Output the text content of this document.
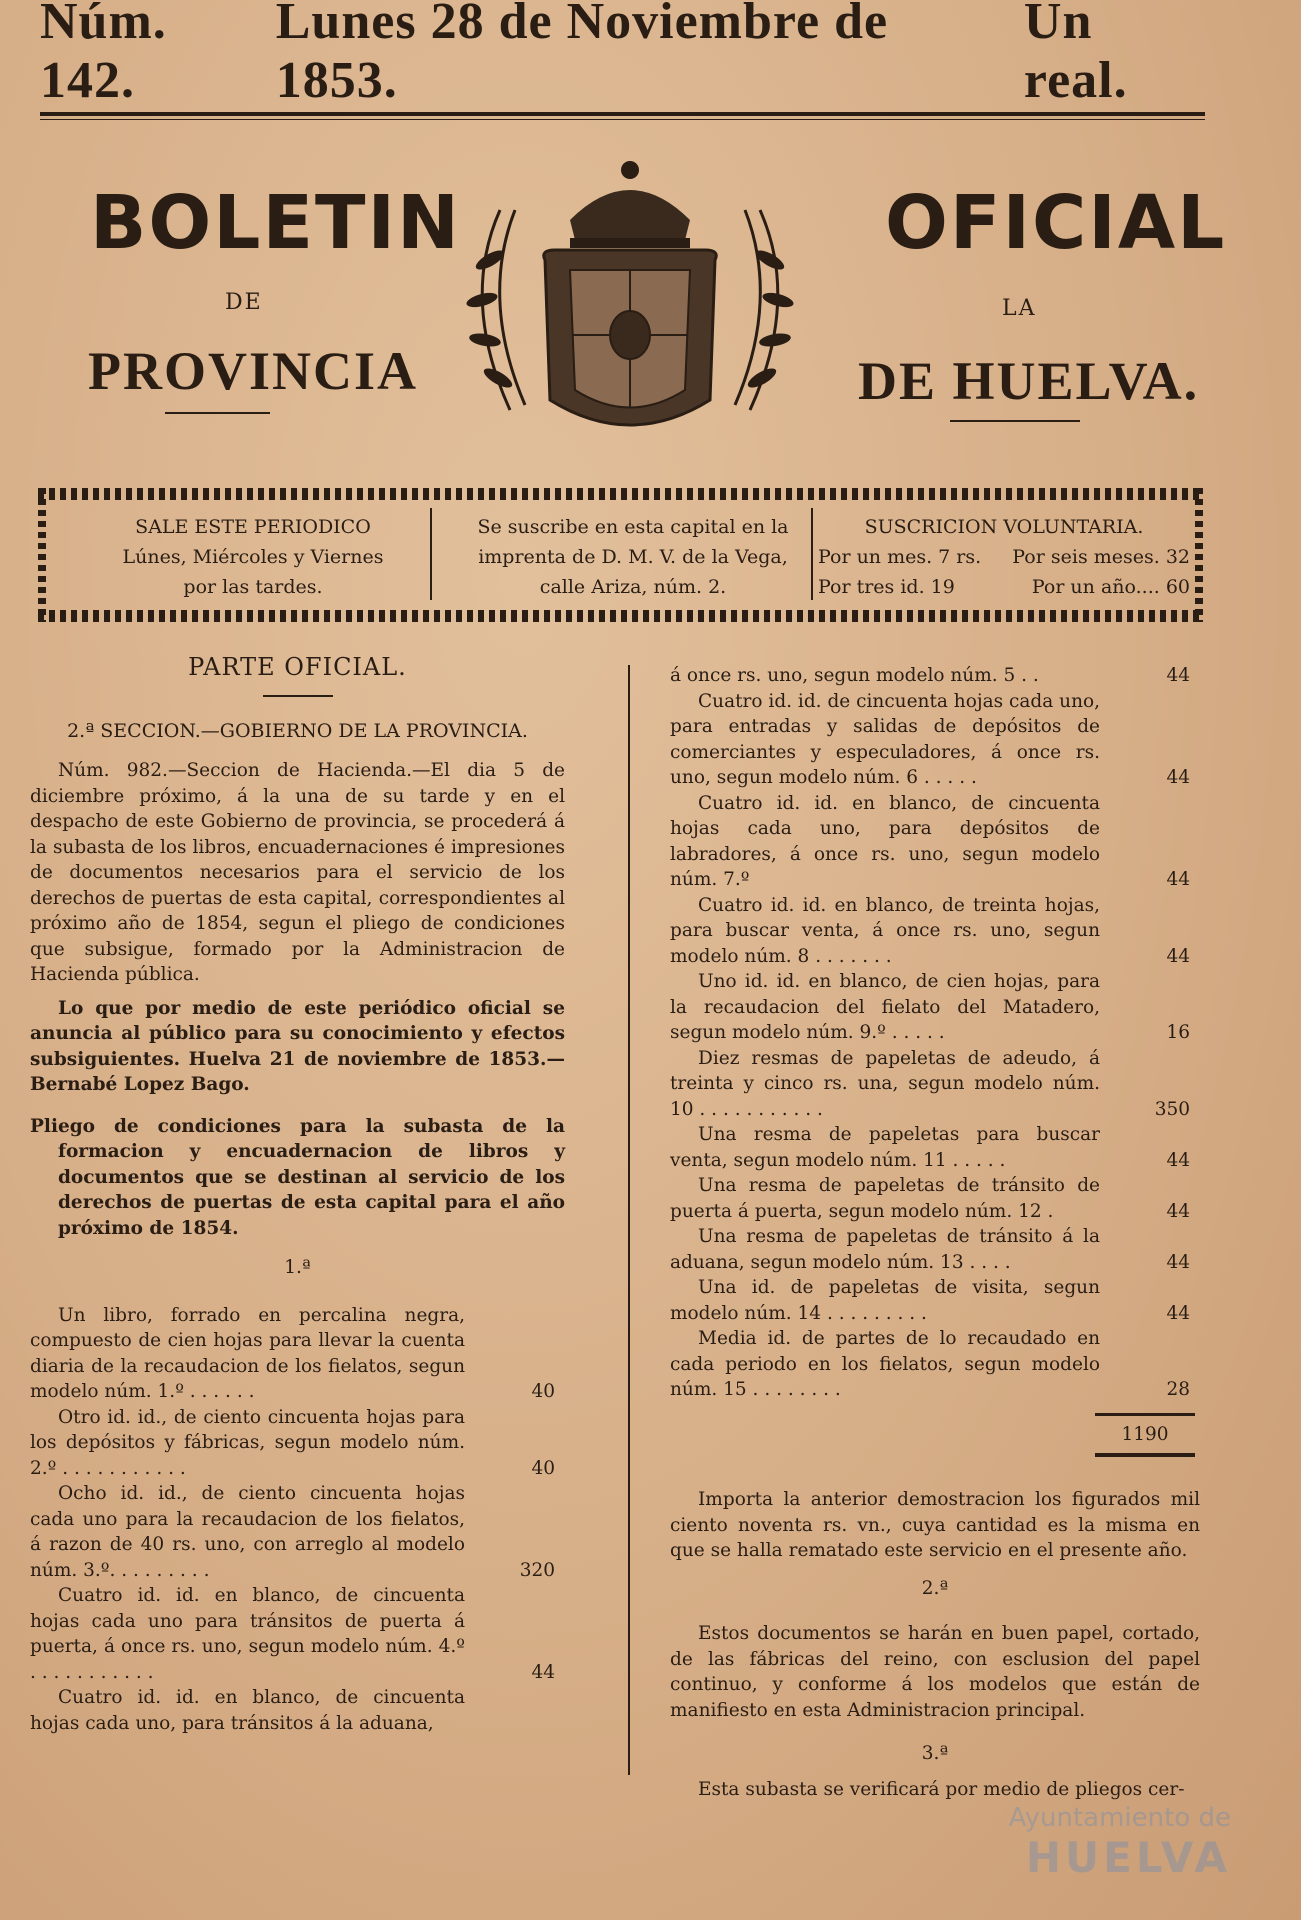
Núm. 142.
Lunes 28 de Noviembre de 1853.
Un real.
BOLETIN	OFICIAL
DE	LA
PROVINCIA	DE HUELVA.
SALE ESTE PERIODICO
Lúnes, Miércoles y Viernes
por las tardes.
Se suscribe en esta capital en la
imprenta de D. M. V. de la Vega,
calle Ariza, núm. 2.
SUSCRICION VOLUNTARIA.
Por un mes. 7 rs. Por seis meses. 32
Por tres id. 19	Por un año.... 60
PARTE OFICIAL.
2.ª SECCION.—GOBIERNO DE LA PROVINCIA.
Núm. 982.—Seccion de Hacienda.—El dia 5 de diciembre próximo, á la una de su tarde y en el despacho de este Gobierno de provincia, se procederá á la subasta de los libros, encuadernaciones é impresiones de documentos necesarios para el servicio de los derechos de puertas de esta capital, correspondientes al próximo año de 1854, segun el pliego de condiciones que subsigue, formado por la Administracion de Hacienda pública.
Lo que por medio de este periódico oficial se anuncia al público para su conocimiento y efectos subsiguientes. Huelva 21 de noviembre de 1853.—Bernabé Lopez Bago.
Pliego de condiciones para la subasta de la formacion y encuadernacion de libros y documentos que se destinan al servicio de los derechos de puertas de esta capital para el año próximo de 1854.
1.ª
Un libro, forrado en percalina negra, compuesto de cien hojas para llevar la cuenta diaria de la recaudacion de los fielatos, segun modelo núm. 1.º . . . . . .	40
Otro id. id., de ciento cincuenta hojas para los depósitos y fábricas, segun modelo núm. 2.º . . . . . . . . . . .	40
Ocho id. id., de ciento cincuenta hojas cada uno para la recaudacion de los fielatos, á razon de 40 rs. uno, con arreglo al modelo núm. 3.º. . . . . . . . .	320
Cuatro id. id. en blanco, de cincuenta hojas cada uno para tránsitos de puerta á puerta, á once rs. uno, segun modelo núm. 4.º . . . . . . . . . . .	44
Cuatro id. id. en blanco, de cincuenta hojas cada uno, para tránsitos á la aduana,
á once rs. uno, segun modelo núm. 5 . .	44
Cuatro id. id. de cincuenta hojas cada uno, para entradas y salidas de depósitos de comerciantes y especuladores, á once rs. uno, segun modelo núm. 6 . . . . .	44
Cuatro id. id. en blanco, de cincuenta hojas cada uno, para depósitos de labradores, á once rs. uno, segun modelo núm. 7.º	44
Cuatro id. id. en blanco, de treinta hojas, para buscar venta, á once rs. uno, segun modelo núm. 8 . . . . . . .	44
Uno id. id. en blanco, de cien hojas, para la recaudacion del fielato del Matadero, segun modelo núm. 9.º . . . . .	16
Diez resmas de papeletas de adeudo, á treinta y cinco rs. una, segun modelo núm. 10 . . . . . . . . . . .	350
Una resma de papeletas para buscar venta, segun modelo núm. 11 . . . . .	44
Una resma de papeletas de tránsito de puerta á puerta, segun modelo núm. 12 .	44
Una resma de papeletas de tránsito á la aduana, segun modelo núm. 13 . . . .	44
Una id. de papeletas de visita, segun modelo núm. 14 . . . . . . . . .	44
Media id. de partes de lo recaudado en cada periodo en los fielatos, segun modelo núm. 15 . . . . . . . .	28
1190
Importa la anterior demostracion los figurados mil ciento noventa rs. vn., cuya cantidad es la misma en que se halla rematado este servicio en el presente año.
2.ª
Estos documentos se harán en buen papel, cortado, de las fábricas del reino, con esclusion del papel continuo, y conforme á los modelos que están de manifiesto en esta Administracion principal.
3.ª
Esta subasta se verificará por medio de pliegos cer-
Ayuntamiento de
HUELVA
